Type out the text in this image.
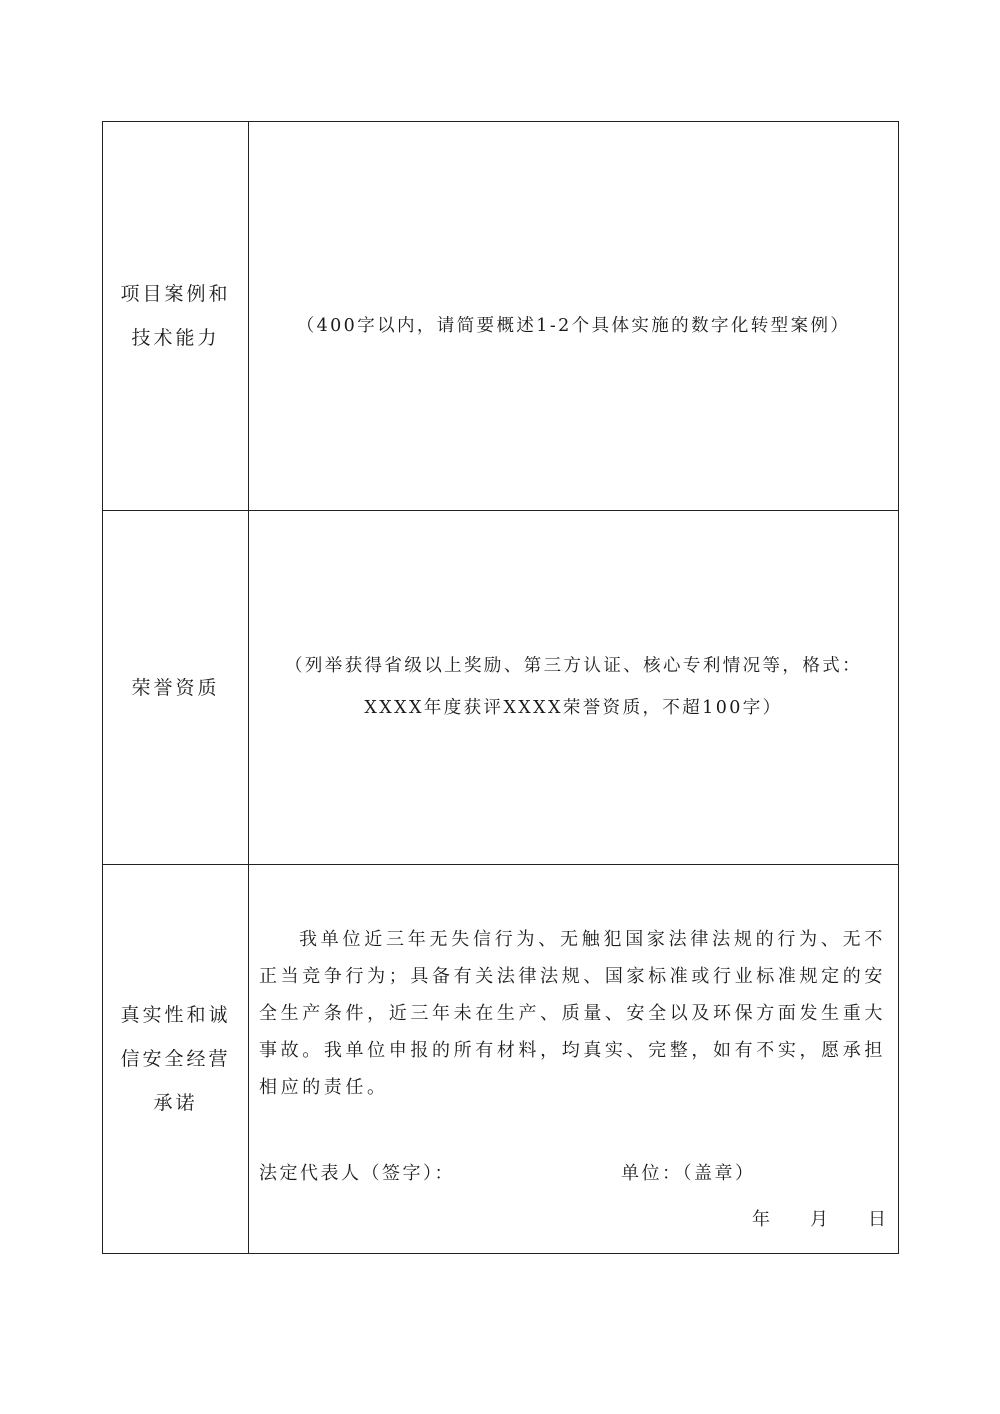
项目案例和技术能力
（400字以内，请简要概述1-2个具体实施的数字化转型案例）
荣誉资质
（列举获得省级以上奖励、第三方认证、核心专利情况等，格式：XXXX年度获评XXXX荣誉资质，不超100字）
真实性和诚信安全经营承诺
我单位近三年无失信行为、无触犯国家法律法规的行为、无不正当竞争行为；具备有关法律法规、国家标准或行业标准规定的安全生产条件，近三年未在生产、质量、安全以及环保方面发生重大事故。我单位申报的所有材料，均真实、完整，如有不实，愿承担相应的责任。
法定代表人（签字）：	单位：（盖章）
年 月 日
